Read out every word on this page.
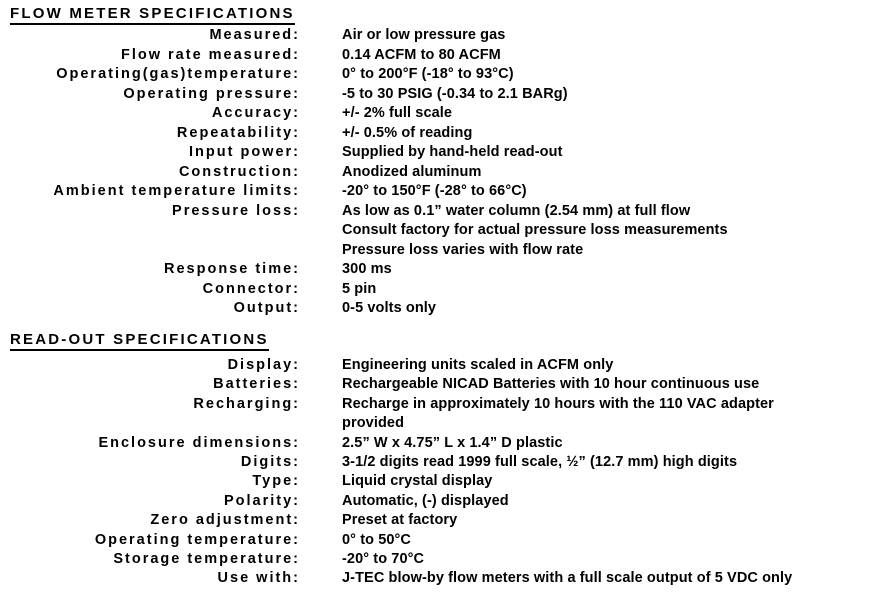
FLOW METER SPECIFICATIONS
Measured:	Air or low pressure gas
Flow rate measured:	0.14 ACFM to 80 ACFM
Operating(gas)temperature:	0° to 200°F (-18° to 93°C)
Operating pressure:	-5 to 30 PSIG (-0.34 to 2.1 BARg)
Accuracy:	+/- 2% full scale
Repeatability:	+/- 0.5% of reading
Input power:	Supplied by hand-held read-out
Construction:	Anodized aluminum
Ambient temperature limits:	-20° to 150°F (-28° to 66°C)
Pressure loss:	As low as 0.1” water column (2.54 mm) at full flow
Consult factory for actual pressure loss measurements
Pressure loss varies with flow rate
Response time:	300 ms
Connector:	5 pin
Output:	0-5 volts only
READ-OUT SPECIFICATIONS
Display:	Engineering units scaled in ACFM only
Batteries:	Rechargeable NICAD Batteries with 10 hour continuous use
Recharging:	Recharge in approximately 10 hours with the 110 VAC adapter
provided
Enclosure dimensions:	2.5” W x 4.75” L x 1.4” D plastic
Digits:	3-1/2 digits read 1999 full scale, ½” (12.7 mm) high digits
Type:	Liquid crystal display
Polarity:	Automatic, (-) displayed
Zero adjustment:	Preset at factory
Operating temperature:	0° to 50°C
Storage temperature:	-20° to 70°C
Use with:	J-TEC blow-by flow meters with a full scale output of 5 VDC only
